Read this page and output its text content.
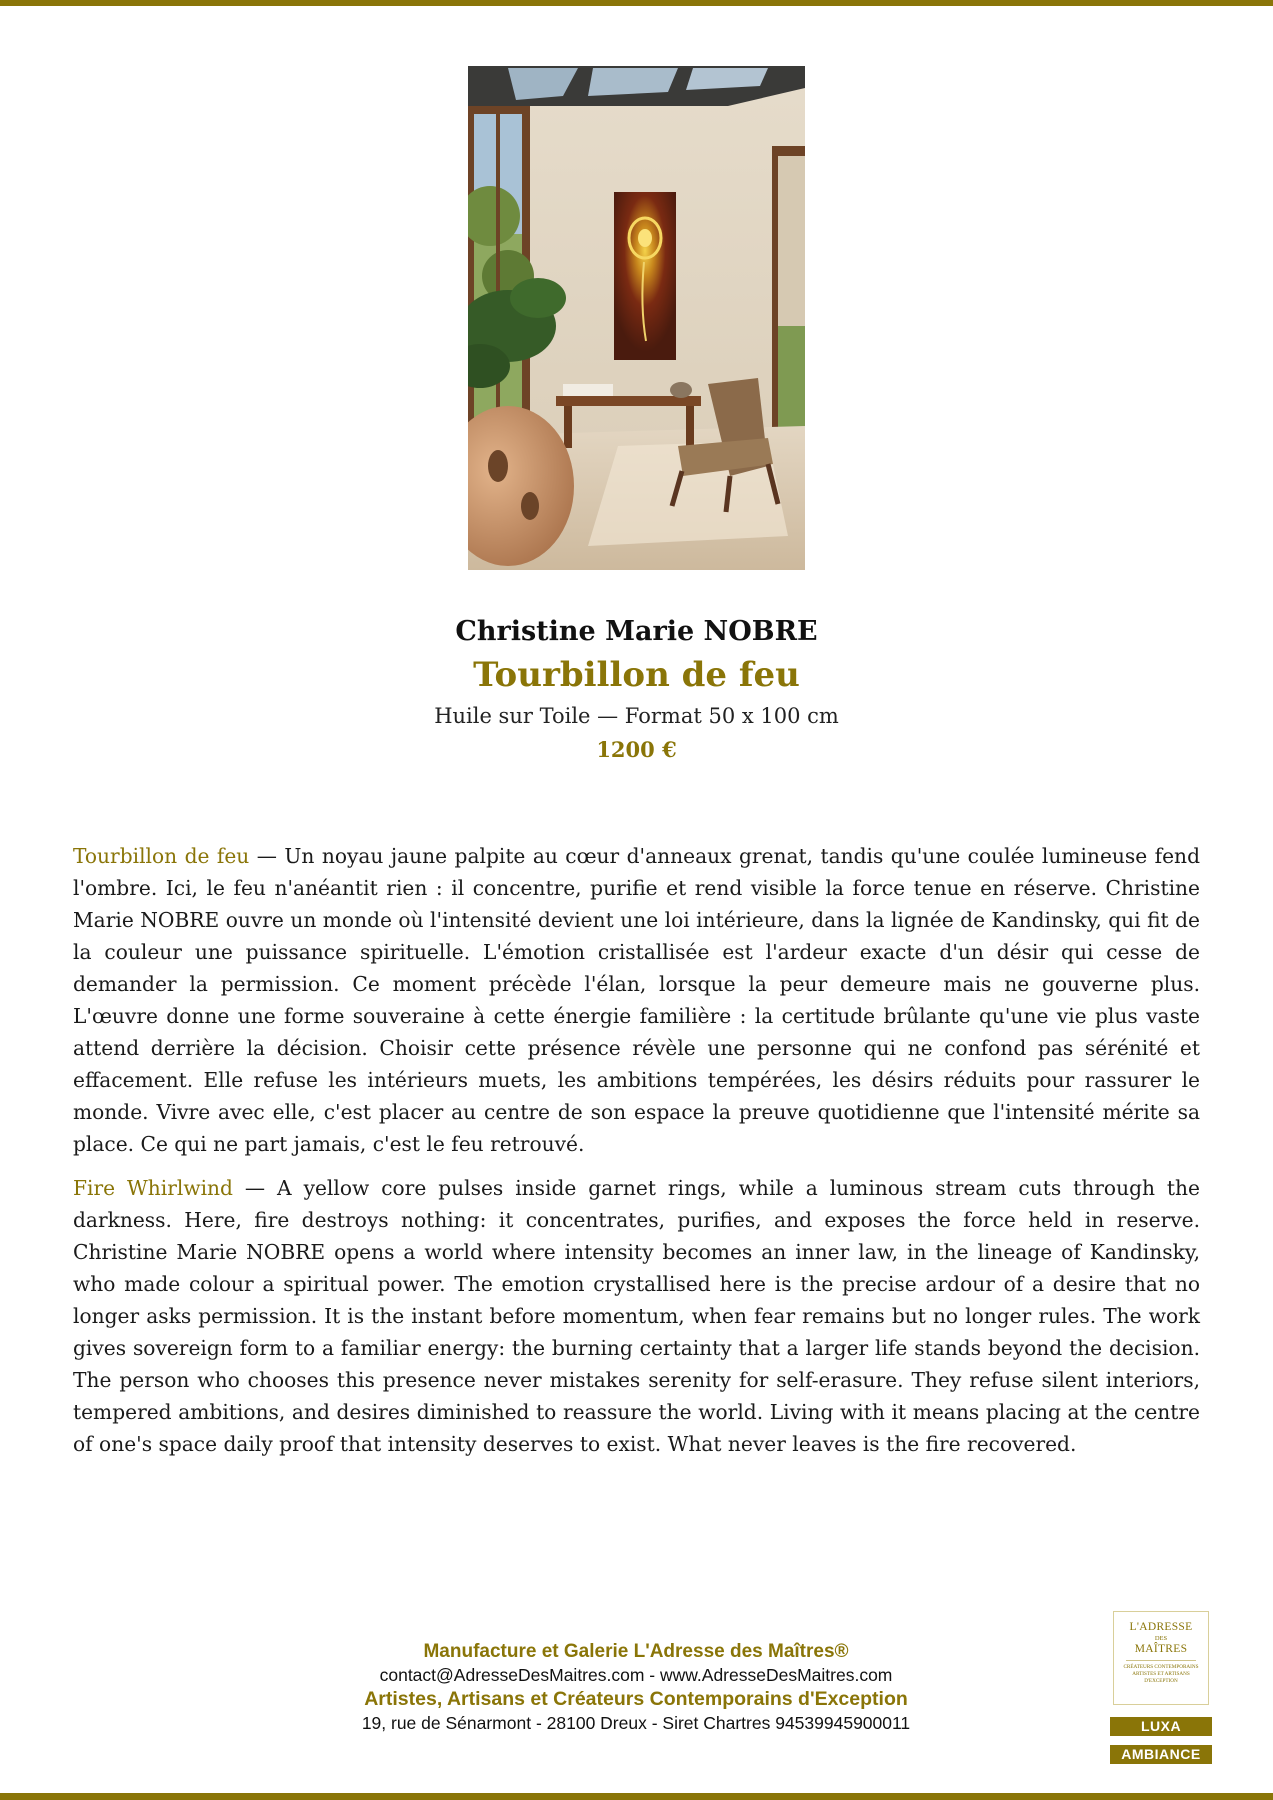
Christine Marie NOBRE
Tourbillon de feu
Huile sur Toile — Format 50 x 100 cm
1200 €

Tourbillon de feu — Un noyau jaune palpite au cœur d'anneaux grenat, tandis qu'une coulée lumineuse fend l'ombre. Ici, le feu n'anéantit rien : il concentre, purifie et rend visible la force tenue en réserve. Christine Marie NOBRE ouvre un monde où l'intensité devient une loi intérieure, dans la lignée de Kandinsky, qui fit de la couleur une puissance spirituelle. L'émotion cristallisée est l'ardeur exacte d'un désir qui cesse de demander la permission. Ce moment précède l'élan, lorsque la peur demeure mais ne gouverne plus. L'œuvre donne une forme souveraine à cette énergie familière : la certitude brûlante qu'une vie plus vaste attend derrière la décision. Choisir cette présence révèle une personne qui ne confond pas sérénité et effacement. Elle refuse les intérieurs muets, les ambitions tempérées, les désirs réduits pour rassurer le monde. Vivre avec elle, c'est placer au centre de son espace la preuve quotidienne que l'intensité mérite sa place. Ce qui ne part jamais, c'est le feu retrouvé.

Fire Whirlwind — A yellow core pulses inside garnet rings, while a luminous stream cuts through the darkness. Here, fire destroys nothing: it concentrates, purifies, and exposes the force held in reserve. Christine Marie NOBRE opens a world where intensity becomes an inner law, in the lineage of Kandinsky, who made colour a spiritual power. The emotion crystallised here is the precise ardour of a desire that no longer asks permission. It is the instant before momentum, when fear remains but no longer rules. The work gives sovereign form to a familiar energy: the burning certainty that a larger life stands beyond the decision. The person who chooses this presence never mistakes serenity for self-erasure. They refuse silent interiors, tempered ambitions, and desires diminished to reassure the world. Living with it means placing at the centre of one's space daily proof that intensity deserves to exist. What never leaves is the fire recovered.

Manufacture et Galerie L'Adresse des Maîtres®
contact@AdresseDesMaitres.com - www.AdresseDesMaitres.com
Artistes, Artisans et Créateurs Contemporains d'Exception
19, rue de Sénarmont - 28100 Dreux - Siret Chartres 94539945900011
L'ADRESSE
DES
MAÎTRES
CRÉATEURS CONTEMPORAINS ARTISTES ET ARTISANS D'EXCEPTION
LUXA
AMBIANCE
